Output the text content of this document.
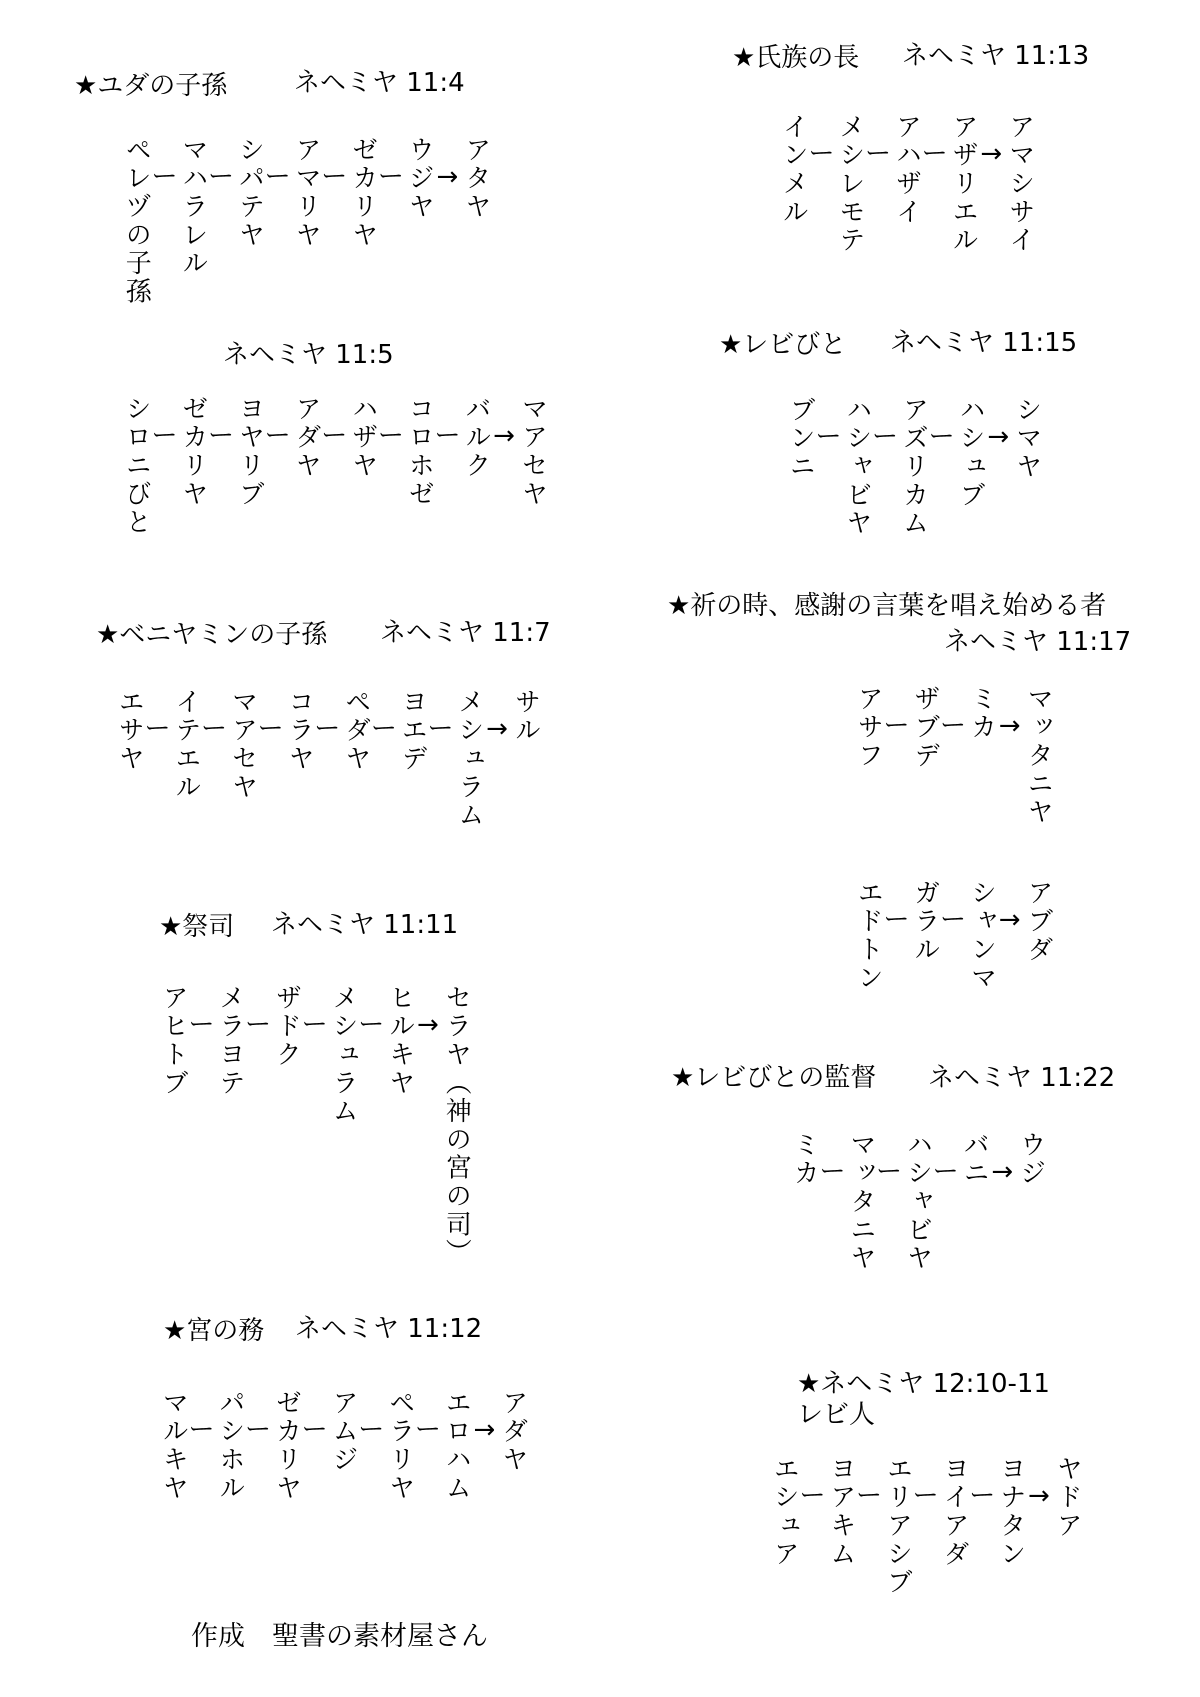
★ユダの子孫	ネヘミヤ 11:4
ペレヅの子孫 マハラレル シパテヤ アマリヤ ゼカリヤ ウジヤ アタヤ
ー ー ー ー ー →
ネヘミヤ 11:5
シロニびと ゼカリヤ ヨヤリブ アダヤ ハザヤ コロホゼ バルク マアセヤ
ー ー ー ー ー ー →
★ベニヤミンの子孫 ネヘミヤ 11:7
エサヤ イテエル マアセヤ コラヤ ペダヤ ヨエデ メシュラム サル
ー ー ー ー ー ー →
★祭司 ネヘミヤ 11:11
アヒトブ メラヨテ ザドク メシュラム ヒルキヤ セラヤ（神の宮の司）
ー ー ー ー →
★宮の務 ネヘミヤ 11:12
マルキヤ パシホル ゼカリヤ アムジ ペラリヤ エロハム アダヤ
ー ー ー ー ー →
作成　聖書の素材屋さん
★氏族の長 ネヘミヤ 11:13
インメル メシレモテ アハザイ アザリエル アマシサイ
ー ー ー →
★レビびと ネヘミヤ 11:15
ブンニ ハシャビヤ アズリカム ハシュブ シマヤ
ー ー ー →
★祈の時、感謝の言葉を唱え始める者
ネヘミヤ 11:17
アサフ ザブデ ミカ マッタニヤ
ー ー →
エドトン ガラル シャンマ アブダ
ー ー →
★レビびとの監督 ネヘミヤ 11:22
ミカ マッタニヤ ハシャビヤ バニ ウジ
ー ー ー →
★ネヘミヤ 12:10-11
レビ人
エシュア ヨアキム エリアシブ ヨイアダ ヨナタン ヤドア
ー ー ー ー →
